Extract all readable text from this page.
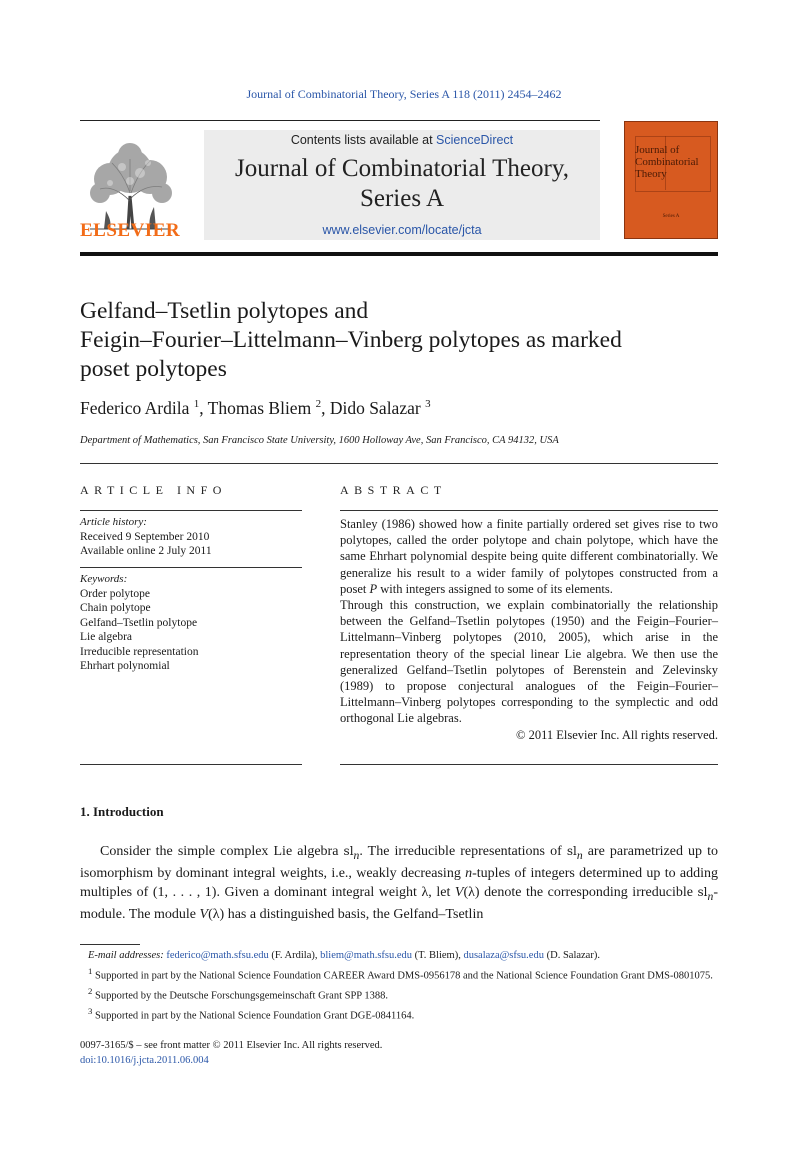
Journal of Combinatorial Theory, Series A 118 (2011) 2454–2462
ELSEVIER
Contents lists available at ScienceDirect
Journal of Combinatorial Theory,
Series A
www.elsevier.com/locate/jcta
Journal of
Combinatorial
Theory
Series A
Gelfand–Tsetlin polytopes and
Feigin–Fourier–Littelmann–Vinberg polytopes as marked
poset polytopes
Federico Ardila $^1$, Thomas Bliem $^2$, Dido Salazar $^3$
Department of Mathematics, San Francisco State University, 1600 Holloway Ave, San Francisco, CA 94132, USA
ARTICLE INFO
Article history:
Received 9 September 2010
Available online 2 July 2011
Keywords:
Order polytope
Chain polytope
Gelfand–Tsetlin polytope
Lie algebra
Irreducible representation
Ehrhart polynomial
ABSTRACT

Stanley (1986) showed how a finite partially ordered set gives rise to two polytopes, called the order polytope and chain polytope, which have the same Ehrhart polynomial despite being quite different combinatorially. We generalize his result to a wider family of polytopes constructed from a poset P with integers assigned to some of its elements.

Through this construction, we explain combinatorially the relationship between the Gelfand–Tsetlin polytopes (1950) and the Feigin–Fourier–Littelmann–Vinberg polytopes (2010, 2005), which arise in the representation theory of the special linear Lie algebra. We then use the generalized Gelfand–Tsetlin polytopes of Berenstein and Zelevinsky (1989) to propose conjectural analogues of the Feigin–Fourier–Littelmann–Vinberg polytopes corresponding to the symplectic and odd orthogonal Lie algebras.

© 2011 Elsevier Inc. All rights reserved.

1. Introduction

Consider the simple complex Lie algebra $sl_n$. The irreducible representations of $sl_n$ are parametrized up to isomorphism by dominant integral weights, i.e., weakly decreasing n-tuples of integers determined up to adding multiples of (1, . . . , 1). Given a dominant integral weight λ, let V(λ) denote the corresponding irreducible $sl_n$-module. The module V(λ) has a distinguished basis, the Gelfand–Tsetlin

E-mail addresses: federico@math.sfsu.edu (F. Ardila), bliem@math.sfsu.edu (T. Bliem), dusalaza@sfsu.edu (D. Salazar).

$^1$ Supported in part by the National Science Foundation CAREER Award DMS-0956178 and the National Science Foundation Grant DMS-0801075.

$^2$ Supported by the Deutsche Forschungsgemeinschaft Grant SPP 1388.

$^3$ Supported in part by the National Science Foundation Grant DGE-0841164.

0097-3165/$ – see front matter © 2011 Elsevier Inc. All rights reserved.
doi:10.1016/j.jcta.2011.06.004
